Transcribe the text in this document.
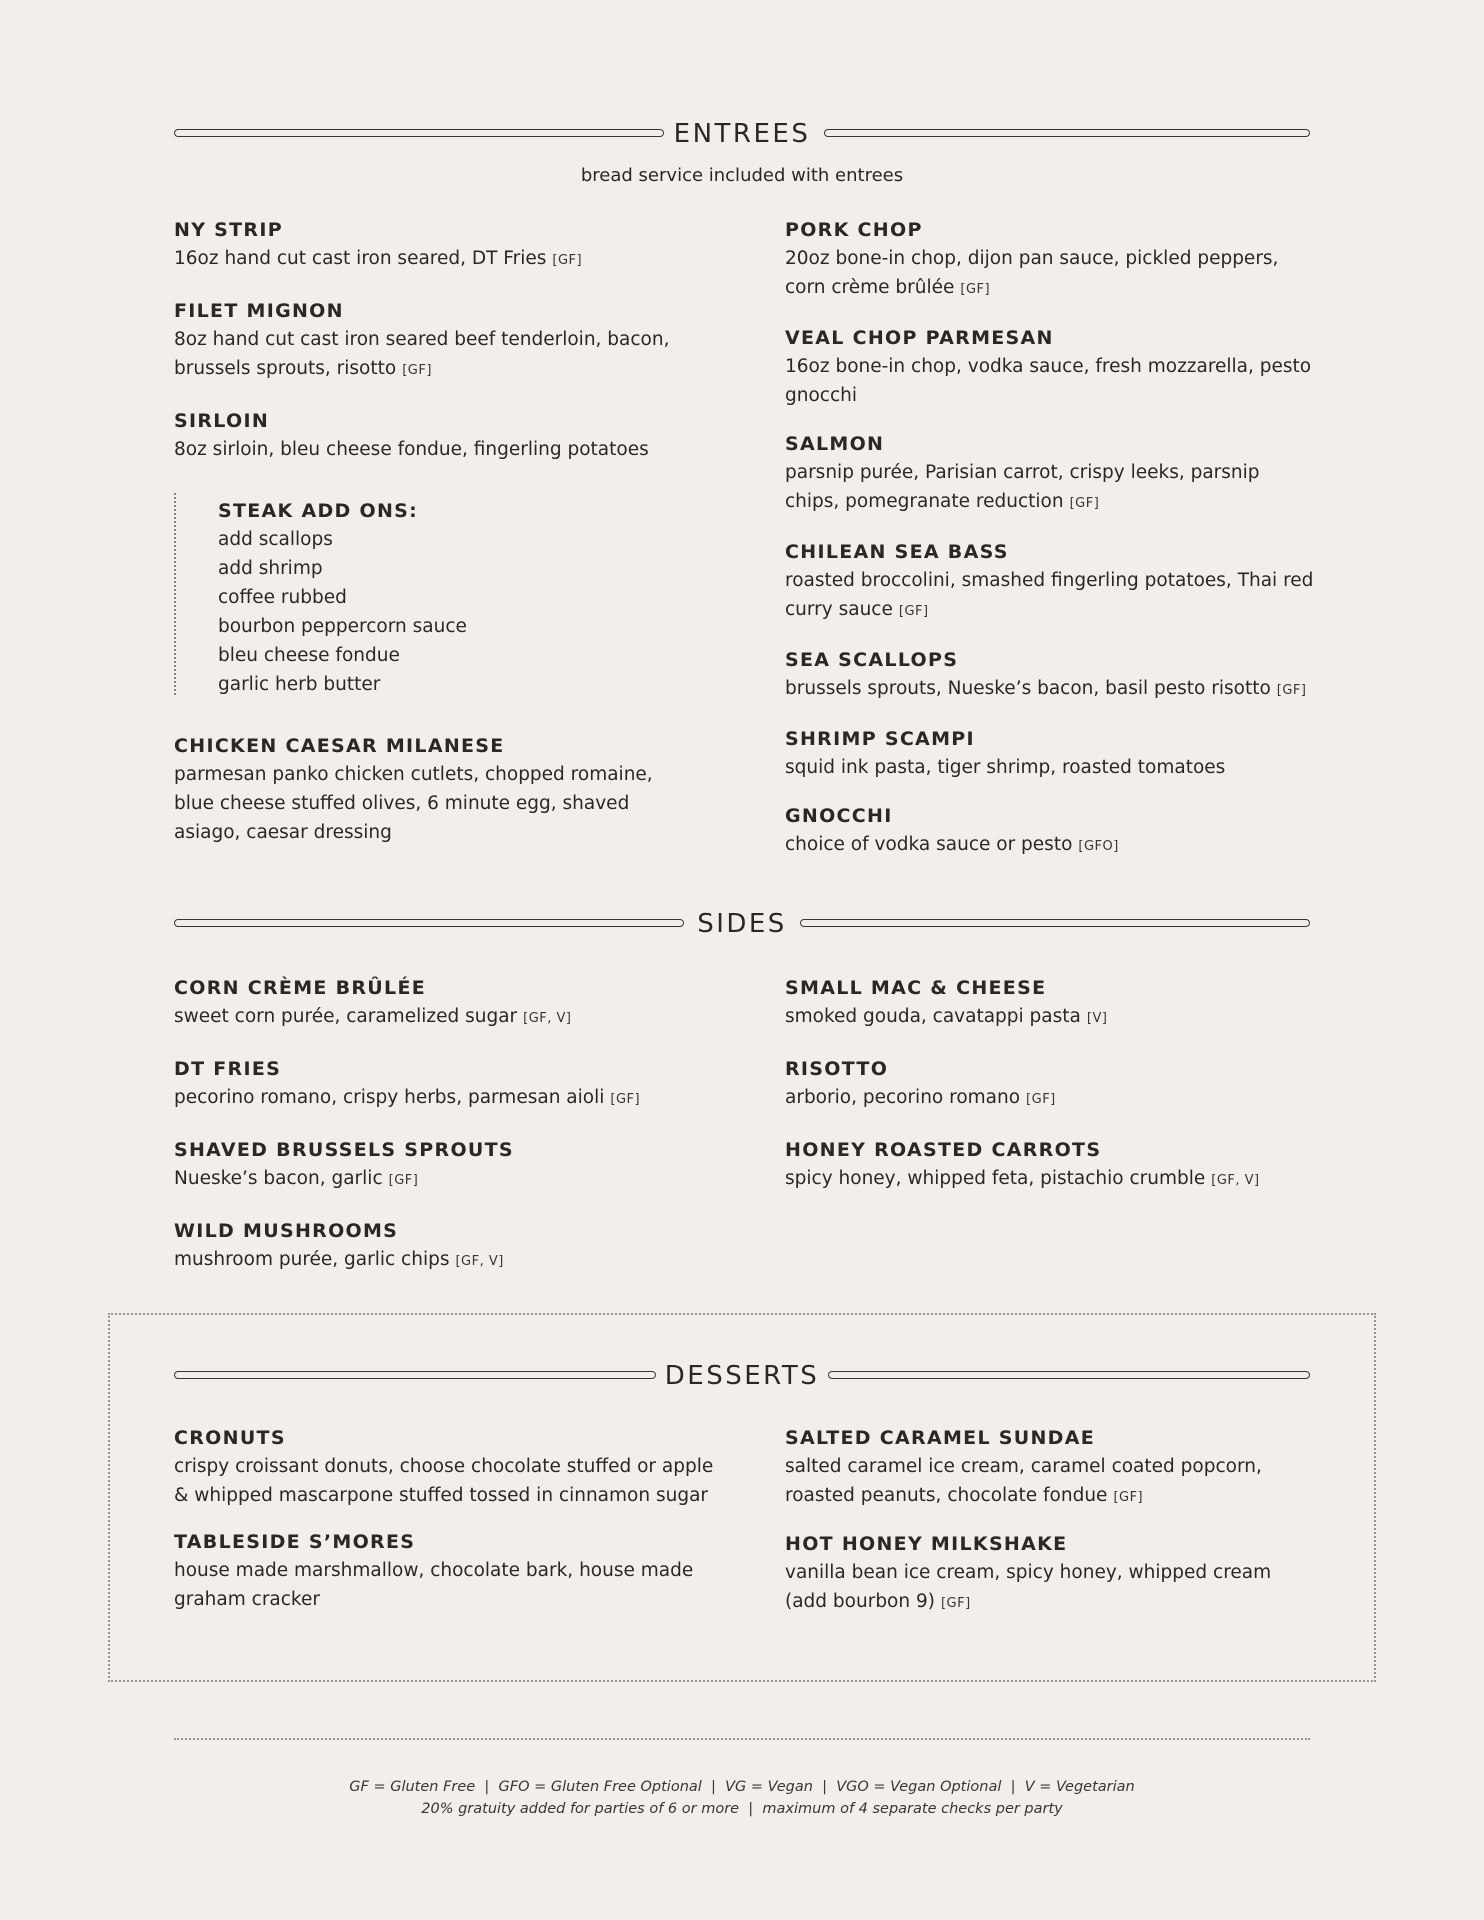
ENTREES
bread service included with entrees
NY STRIP
16oz hand cut cast iron seared, DT Fries [GF]
FILET MIGNON
8oz hand cut cast iron seared beef tenderloin, bacon, brussels sprouts, risotto [GF]
SIRLOIN
8oz sirloin, bleu cheese fondue, fingerling potatoes
STEAK ADD ONS:
add scallops
add shrimp
coffee rubbed
bourbon peppercorn sauce
bleu cheese fondue
garlic herb butter
CHICKEN CAESAR MILANESE
parmesan panko chicken cutlets, chopped romaine, blue cheese stuffed olives, 6 minute egg, shaved asiago, caesar dressing
PORK CHOP
20oz bone-in chop, dijon pan sauce, pickled peppers, corn crème brûlée [GF]
VEAL CHOP PARMESAN
16oz bone-in chop, vodka sauce, fresh mozzarella, pesto gnocchi
SALMON
parsnip purée, Parisian carrot, crispy leeks, parsnip chips, pomegranate reduction [GF]
CHILEAN SEA BASS
roasted broccolini, smashed fingerling potatoes, Thai red curry sauce [GF]
SEA SCALLOPS
brussels sprouts, Nueske’s bacon, basil pesto risotto [GF]
SHRIMP SCAMPI
squid ink pasta, tiger shrimp, roasted tomatoes
GNOCCHI
choice of vodka sauce or pesto [GFO]
SIDES
CORN CRÈME BRÛLÉE
sweet corn purée, caramelized sugar [GF, V]
DT FRIES
pecorino romano, crispy herbs, parmesan aioli [GF]
SHAVED BRUSSELS SPROUTS
Nueske’s bacon, garlic [GF]
WILD MUSHROOMS
mushroom purée, garlic chips [GF, V]
SMALL MAC & CHEESE
smoked gouda, cavatappi pasta [V]
RISOTTO
arborio, pecorino romano [GF]
HONEY ROASTED CARROTS
spicy honey, whipped feta, pistachio crumble [GF, V]
DESSERTS
CRONUTS
crispy croissant donuts, choose chocolate stuffed or apple & whipped mascarpone stuffed tossed in cinnamon sugar
TABLESIDE S’MORES
house made marshmallow, chocolate bark, house made graham cracker
SALTED CARAMEL SUNDAE
salted caramel ice cream, caramel coated popcorn, roasted peanuts, chocolate fondue [GF]
HOT HONEY MILKSHAKE
vanilla bean ice cream, spicy honey, whipped cream (add bourbon 9) [GF]
GF = Gluten Free  |  GFO = Gluten Free Optional  |  VG = Vegan  |  VGO = Vegan Optional  |  V = Vegetarian
20% gratuity added for parties of 6 or more  |  maximum of 4 separate checks per party
